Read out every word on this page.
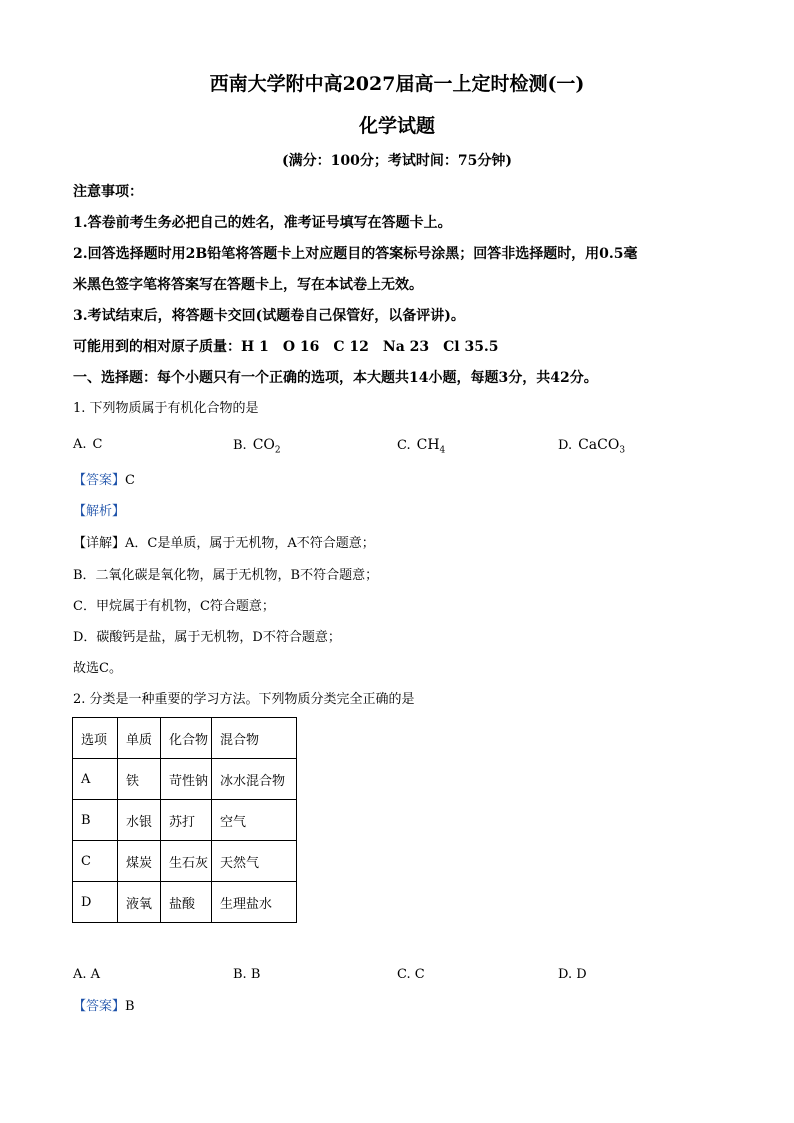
西南大学附中高2027届高一上定时检测(一)
化学试题
(满分：100分；考试时间：75分钟)
注意事项：
1.答卷前考生务必把自己的姓名，准考证号填写在答题卡上。
2.回答选择题时用2B铅笔将答题卡上对应题目的答案标号涂黑；回答非选择题时，用0.5毫
米黑色签字笔将答案写在答题卡上，写在本试卷上无效。
3.考试结束后，将答题卡交回(试题卷自己保管好，以备评讲)。
可能用到的相对原子质量：H 1　O 16　C 12　Na 23　Cl 35.5
一、选择题：每个小题只有一个正确的选项，本大题共14小题，每题3分，共42分。
1. 下列物质属于有机化合物的是
A. C	B. $CO_2$	C. $CH_4$	D. CaCO$_3$
【答案】C
【解析】
【详解】A．C是单质，属于无机物，A不符合题意；
B．二氧化碳是氧化物，属于无机物，B不符合题意；
C．甲烷属于有机物，C符合题意；
D．碳酸钙是盐，属于无机物，D不符合题意；
故选C。
2. 分类是一种重要的学习方法。下列物质分类完全正确的是
选项	单质	化合物	混合物
A	铁	苛性钠	冰水混合物
B	水银	苏打	空气
C	煤炭	生石灰	天然气
D	液氧	盐酸	生理盐水
A. A	B. B	C. C	D. D
【答案】B
